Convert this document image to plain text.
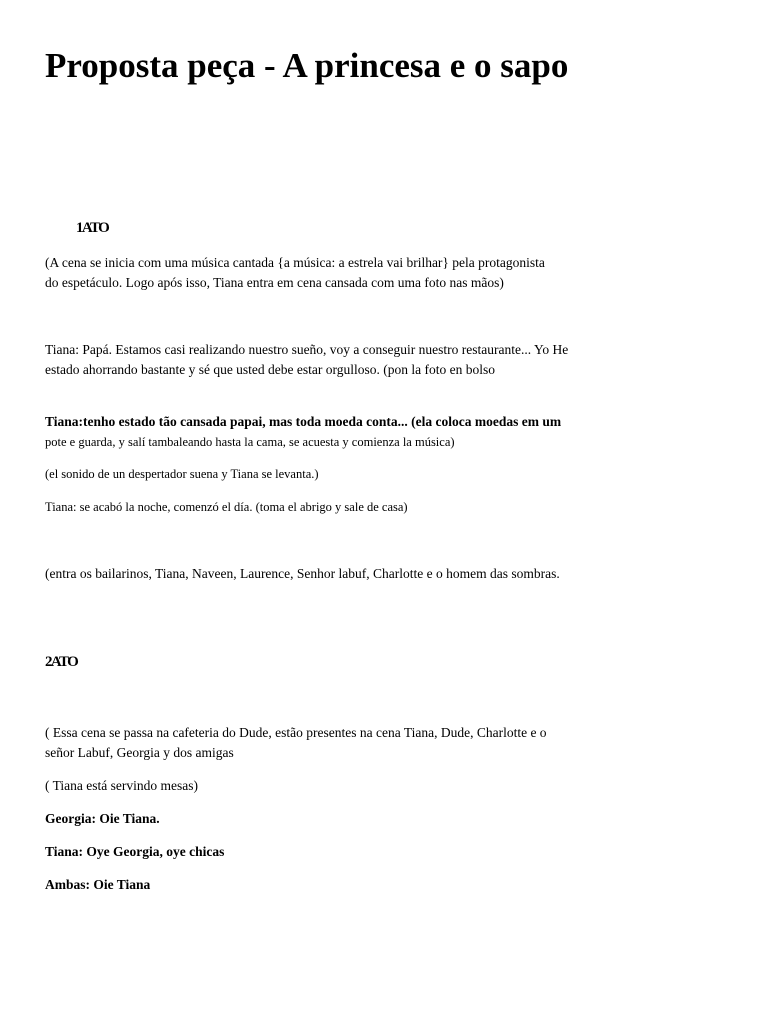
Proposta peça - A princesa e o sapo
1ATO

(A cena se inicia com uma música cantada {a música: a estrela vai brilhar} pela protagonista do espetáculo. Logo após isso, Tiana entra em cena cansada com uma foto nas mãos)

Tiana: Papá. Estamos casi realizando nuestro sueño, voy a conseguir nuestro restaurante... Yo He estado ahorrando bastante y sé que usted debe estar orgulloso. (pon la foto en bolso

Tiana:tenho estado tão cansada papai, mas toda moeda conta... (ela coloca moedas em um
pote e guarda, y salí tambaleando hasta la cama, se acuesta y comienza la música)

(el sonido de un despertador suena y Tiana se levanta.)

Tiana: se acabó la noche, comenzó el día. (toma el abrigo y sale de casa)

(entra os bailarinos, Tiana, Naveen, Laurence, Senhor labuf, Charlotte e o homem das sombras.

2ATO

( Essa cena se passa na cafeteria do Dude, estão presentes na cena Tiana, Dude, Charlotte e o señor Labuf, Georgia y dos amigas

( Tiana está servindo mesas)

Georgia: Oie Tiana.

Tiana: Oye Georgia, oye chicas

Ambas: Oie Tiana
